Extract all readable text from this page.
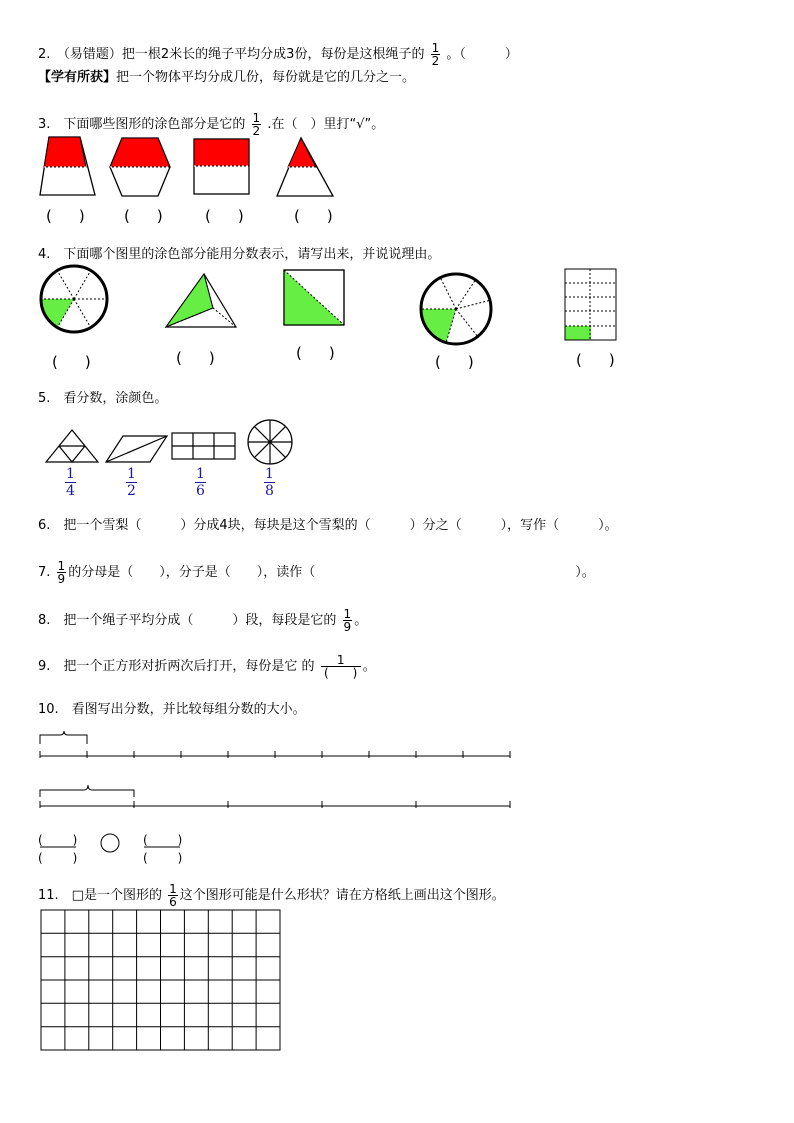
2.　（易错题）把一根2米长的绳子平均分成3份，每份是这根绳子的 $\frac{1}{2}$ 。（　　　）
【学有所获】把一个物体平均分成几份，每份就是它的几分之一。
3.　下面哪些图形的涂色部分是它的 $\frac{1}{2}$ .在（　）里打“√”。
(　) (　) (　)	(　)
4.　下面哪个图里的涂色部分能用分数表示，请写出来，并说说理由。
(　)	(　)	(　)	(　)	(　)
5.　看分数，涂颜色。
$\frac{1}{4}$	$\frac{1}{2}$	$\frac{1}{6}$	$\frac{1}{8}$
6.　把一个雪梨（　　　）分成4块，每块是这个雪梨的（　　　）分之（　　　），写作（　　　）。
7. $\frac{1}{9}$ 的分母是（　　），分子是（　　），读作（　　　　　　　　　　　　　　　　　　　　）。
8.　把一个绳子平均分成（　　　）段，每段是它的 $\frac{1}{9}$ 。
9.　把一个正方形对折两次后打开，每份是它 的 $\frac{1}{( )}$ 。
10.　看图写出分数，并比较每组分数的大小。
(　　)
(　　)
(　　)
(　　)
11.　□是一个图形的 $\frac{1}{6}$ 这个图形可能是什么形状？请在方格纸上画出这个图形。
